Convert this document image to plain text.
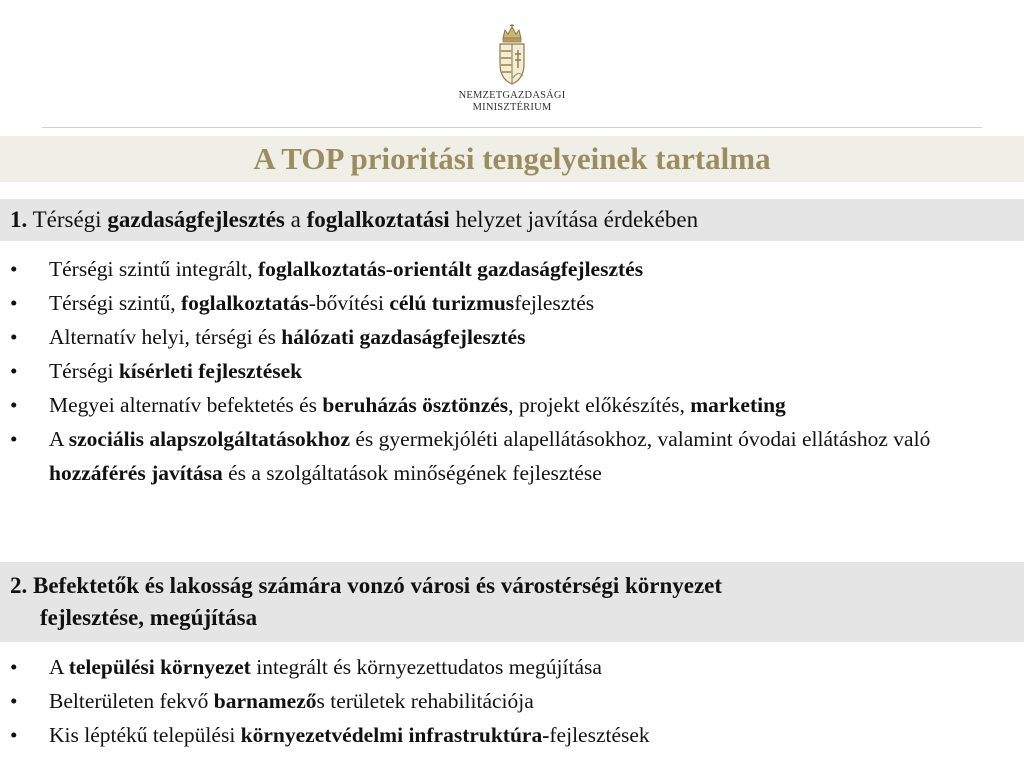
NEMZETGAZDASÁGI
MINISZTÉRIUM
A TOP prioritási tengelyeinek tartalma
1. Térségi gazdaságfejlesztés a foglalkoztatási helyzet javítása érdekében
• Térségi szintű integrált, foglalkoztatás-orientált gazdaságfejlesztés
• Térségi szintű, foglalkoztatás-bővítési célú turizmusfejlesztés
• Alternatív helyi, térségi és hálózati gazdaságfejlesztés
• Térségi kísérleti fejlesztések
• Megyei alternatív befektetés és beruházás ösztönzés, projekt előkészítés, marketing
• A szociális alapszolgáltatásokhoz és gyermekjóléti alapellátásokhoz, valamint óvodai ellátáshoz való hozzáférés javítása és a szolgáltatások minőségének fejlesztése
2. Befektetők és lakosság számára vonzó városi és várostérségi környezet
fejlesztése, megújítása
• A települési környezet integrált és környezettudatos megújítása
• Belterületen fekvő barnamezős területek rehabilitációja
• Kis léptékű települési környezetvédelmi infrastruktúra-fejlesztések
